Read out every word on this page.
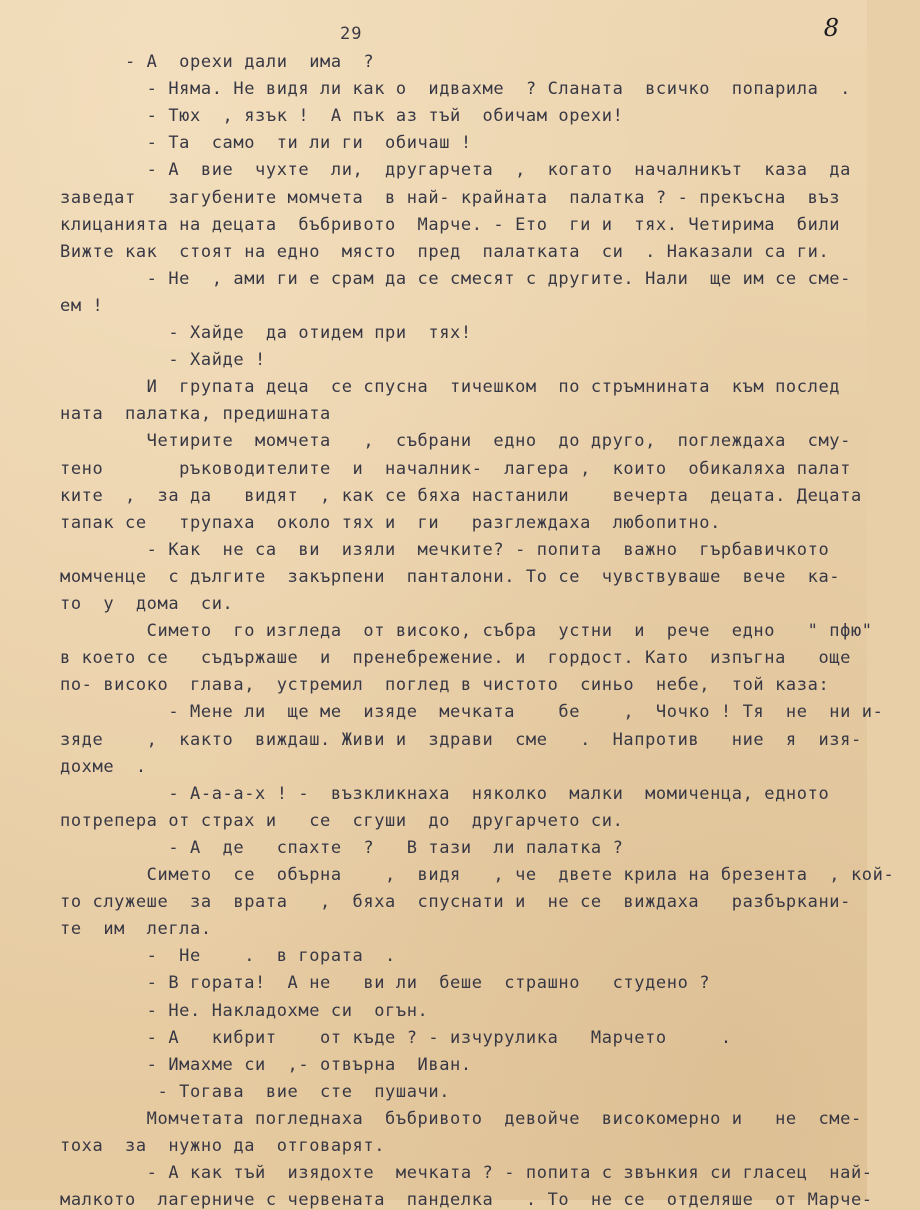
29	8
- А  орехи дали  има  ?
- Няма. Не видя ли как о  идвахме  ? Сланата  всичко  попарила  .
- Тюх  , язък !  А пък аз тъй  обичам орехи!
- Та  само  ти ли ги  обичаш !
- А  вие  чухте  ли,  другарчета  ,  когато  началникът  каза  да
заведат   загубените момчета  в най- крайната  палатка ? - прекъсна  въз
клицанията на децата  бъбривото  Марче. - Ето  ги и  тях. Четирима  били
Вижте как  стоят на едно  място  пред  палатката  си  . Наказали са ги.
- Не  , ами ги е срам да се смесят с другите. Нали  ще им се сме-
ем !
- Хайде  да отидем при  тях!
- Хайде !
И  групата деца  се спусна  тичешком  по стръмнината  към послед
ната  палатка, предишната
Четирите  момчета   ,  събрани  едно  до друго,  поглеждаха  сму-
тено       ръководителите  и  началник-  лагера ,  които  обикаляха палат
ките  ,  за да   видят  , как се бяха настанили    вечерта  децата. Децата
тапак се   трупаха  около тях и  ги   разглеждаха  любопитно.
- Как  не са  ви  изяли  мечките? - попита  важно  гърбавичкото
момченце  с дългите  закърпени  панталони. То се  чувствуваше  вече  ка-
то  у  дома  си.
Симето  го изгледа  от високо, събра  устни  и  рече  едно   " пфю"
в което се   съдържаше  и  пренебрежение. и  гордост. Като  изпъгна   още
по- високо  глава,  устремил  поглед в чистото  синьо  небе,  той каза:
- Мене ли  ще ме  изяде  мечката    бе    ,  Чочко ! Тя  не  ни и-
зяде    ,  както  виждаш. Живи и  здрави  сме   .  Напротив   ние  я  изя-
дохме  .
- А-а-а-х ! -  възкликнаха  няколко  малки  момиченца, едното
потрепера от страх и   се  сгуши  до  другарчето си.
- А  де   спахте  ?   В тази  ли палатка ?
Симето  се  обърна    ,  видя   , че  двете крила на брезента  , кой-
то служеше  за  врата   ,  бяха  спуснати и  не се  виждаха   разбъркани-
те  им  легла.
-  Не    .  в гората  .
- В гората!  А не   ви ли  беше  страшно   студено ?
- Не. Накладохме си  огън.
- А   кибрит    от къде ? - изчурулика   Марчето     .
- Имахме си  ,- отвърна  Иван.
- Тогава  вие  сте  пушачи.
Момчетата погледнаха  бъбривото  девойче  високомерно и   не  сме-
тоха  за  нужно да  отговарят.
- А как тъй  изядохте  мечката ? - попита с звънкия си гласец  най-
малкото  лагерниче с червената  панделка   . То  не се  отделяше  от Марче-
